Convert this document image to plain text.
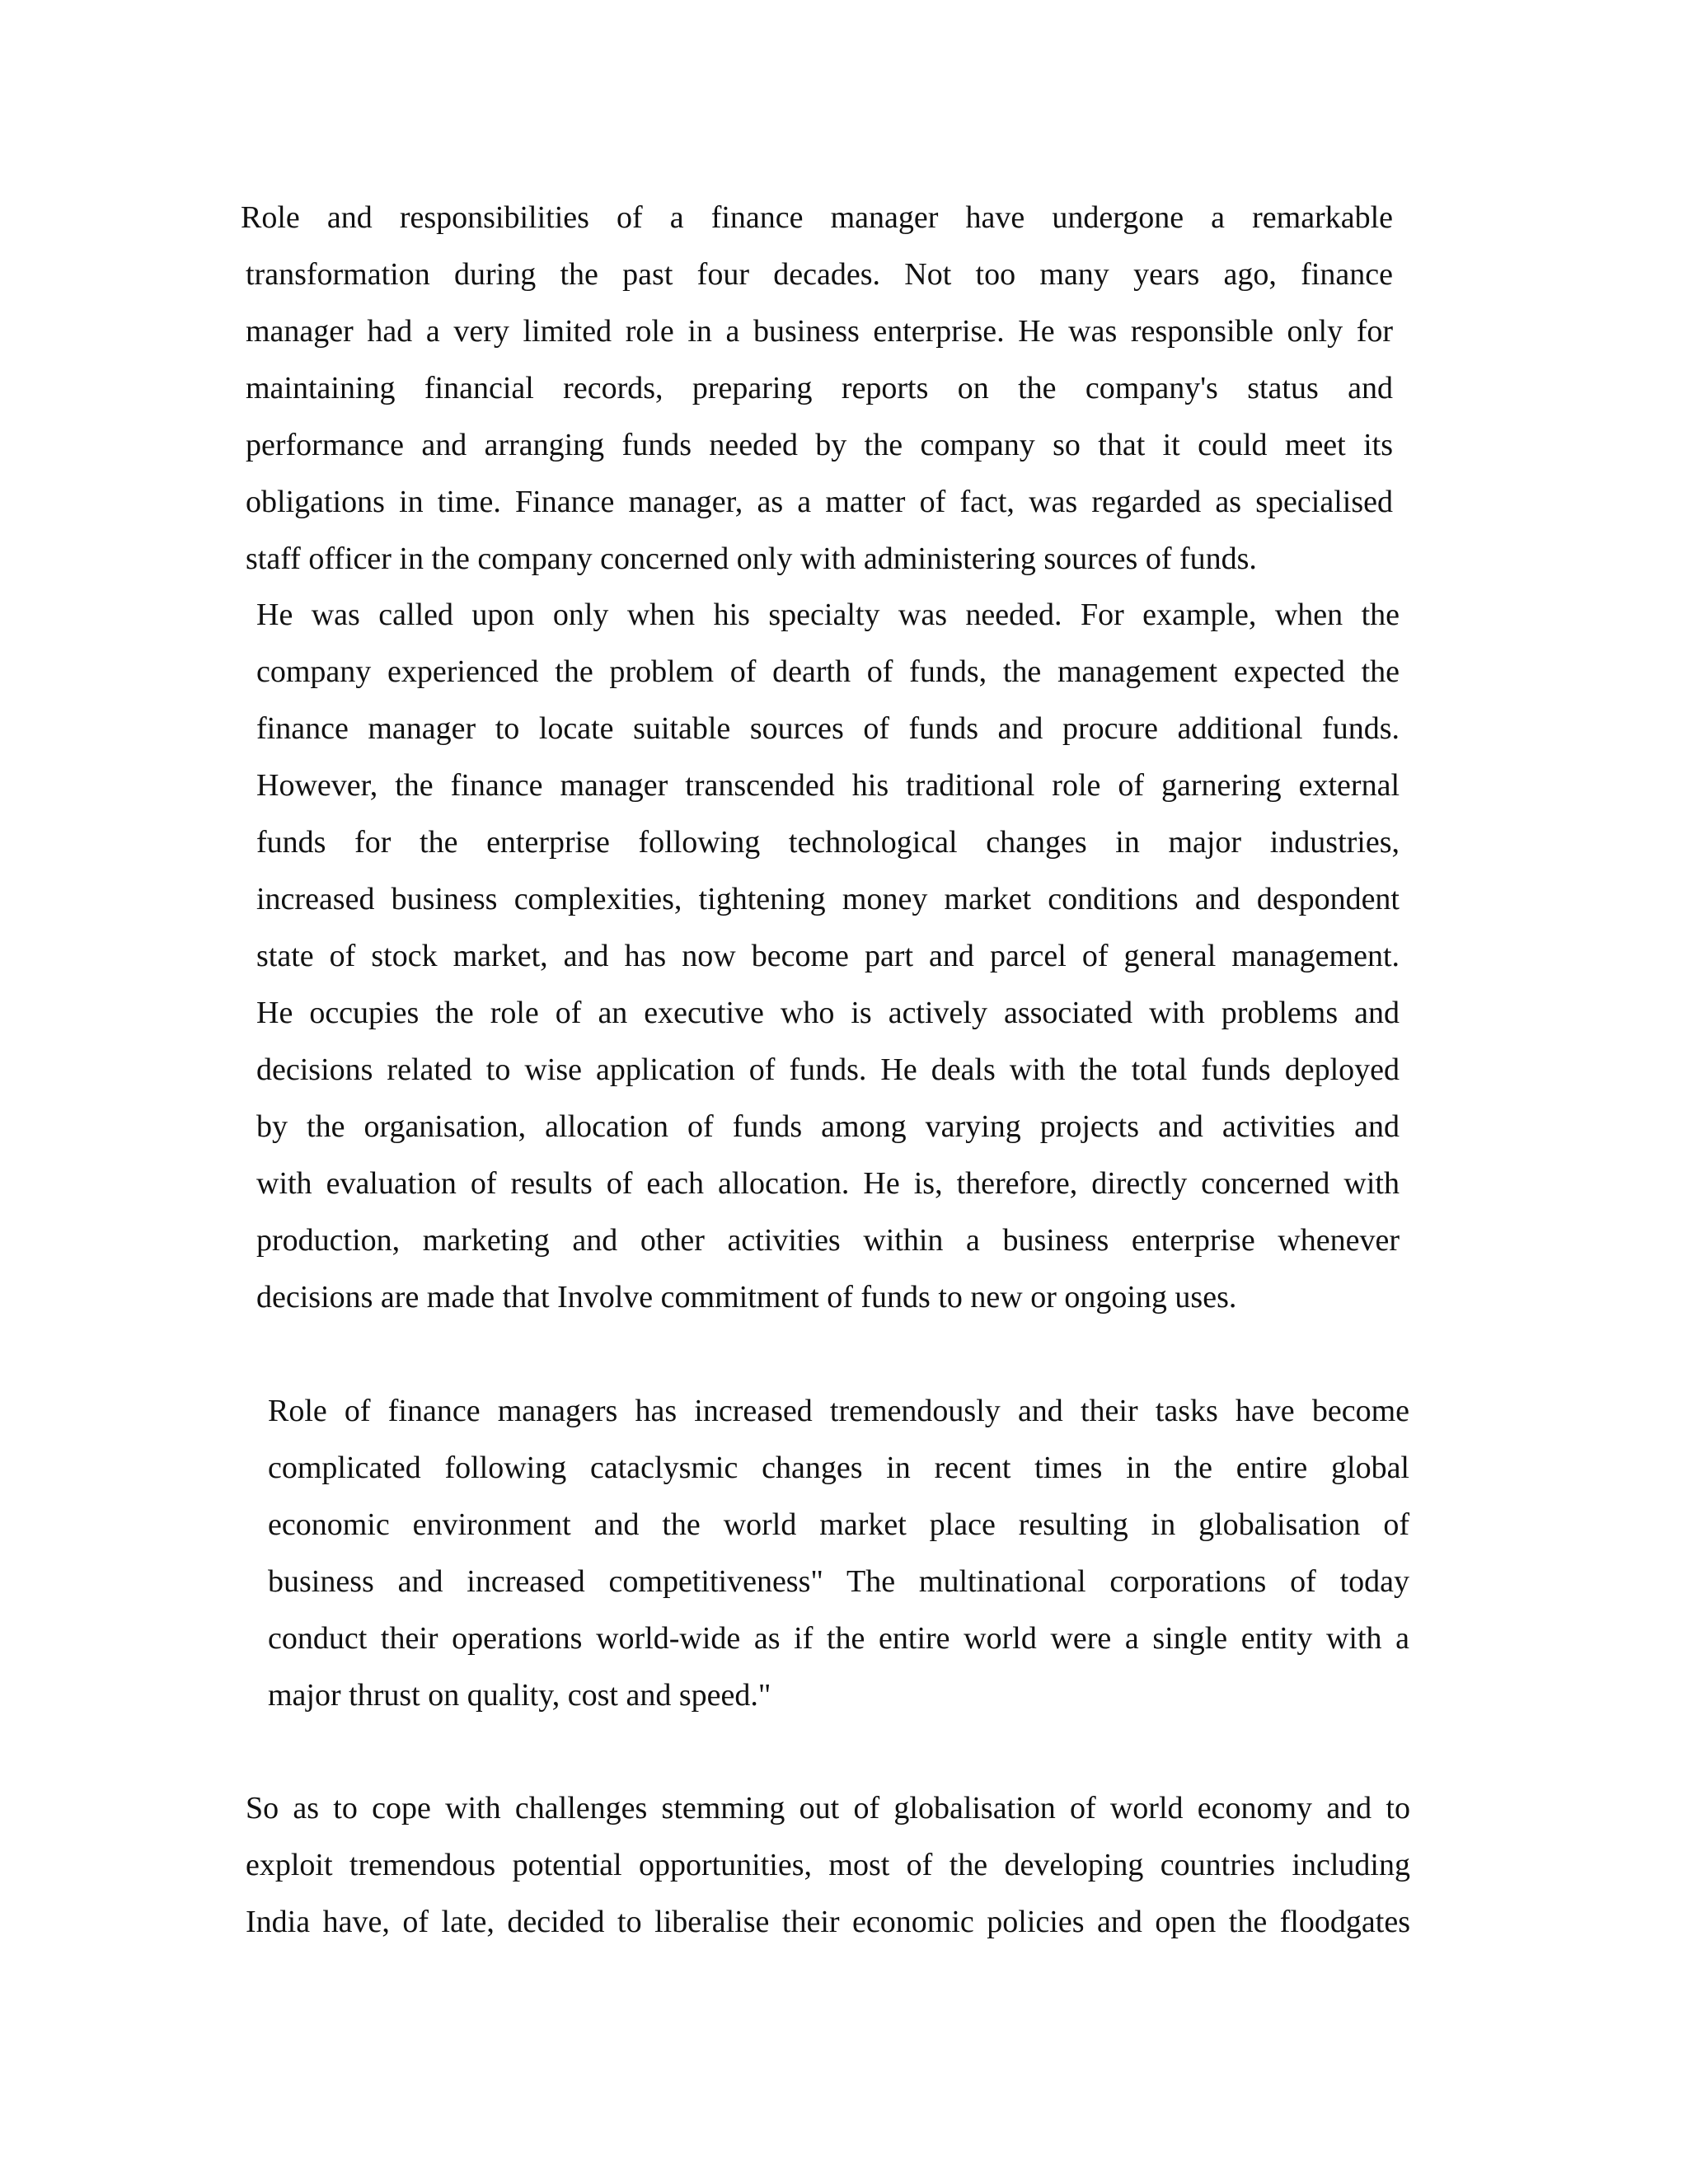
Role and responsibilities of a finance manager have undergone a remarkable
transformation during the past four decades. Not too many years ago, finance
manager had a very limited role in a business enterprise. He was responsible only for
maintaining financial records, preparing reports on the company's status and
performance and arranging funds needed by the company so that it could meet its
obligations in time. Finance manager, as a matter of fact, was regarded as specialised
staff officer in the company concerned only with administering sources of funds.
He was called upon only when his specialty was needed. For example, when the
company experienced the problem of dearth of funds, the management expected the
finance manager to locate suitable sources of funds and procure additional funds.
However, the finance manager transcended his traditional role of garnering external
funds for the enterprise following technological changes in major industries,
increased business complexities, tightening money market conditions and despondent
state of stock market, and has now become part and parcel of general management.
He occupies the role of an executive who is actively associated with problems and
decisions related to wise application of funds. He deals with the total funds deployed
by the organisation, allocation of funds among varying projects and activities and
with evaluation of results of each allocation. He is, therefore, directly concerned with
production, marketing and other activities within a business enterprise whenever
decisions are made that Involve commitment of funds to new or ongoing uses.
Role of finance managers has increased tremendously and their tasks have become
complicated following cataclysmic changes in recent times in the entire global
economic environment and the world market place resulting in globalisation of
business and increased competitiveness" The multinational corporations of today
conduct their operations world-wide as if the entire world were a single entity with a
major thrust on quality, cost and speed."
So as to cope with challenges stemming out of globalisation of world economy and to
exploit tremendous potential opportunities, most of the developing countries including
India have, of late, decided to liberalise their economic policies and open the floodgates
